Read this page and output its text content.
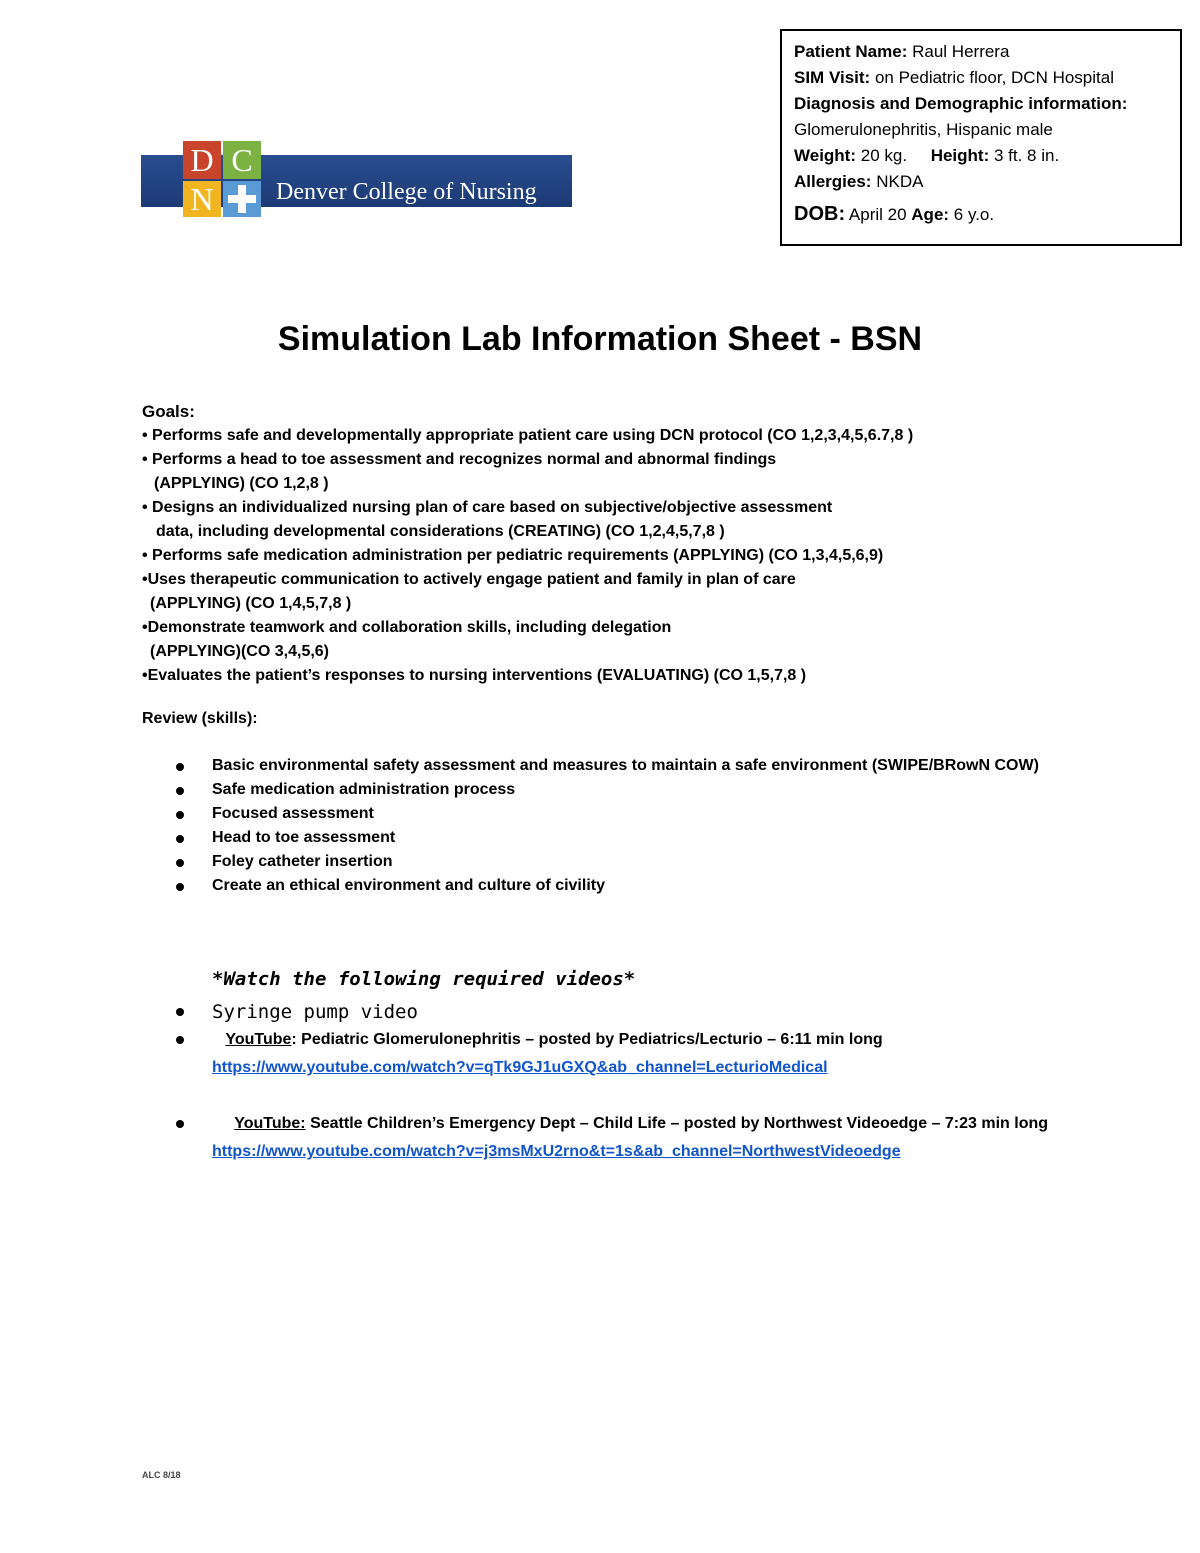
Denver College of Nursing
D C
N
Patient Name: Raul Herrera
SIM Visit: on Pediatric floor, DCN Hospital
Diagnosis and Demographic information:
Glomerulonephritis, Hispanic male
Weight: 20 kg. Height: 3 ft. 8 in.
Allergies: NKDA
DOB: April 20 Age: 6 y.o.
Simulation Lab Information Sheet - BSN
Goals:
• Performs safe and developmentally appropriate patient care using DCN protocol (CO 1,2,3,4,5,6.7,8 )
• Performs a head to toe assessment and recognizes normal and abnormal findings
(APPLYING) (CO 1,2,8 )
• Designs an individualized nursing plan of care based on subjective/objective assessment
data, including developmental considerations (CREATING) (CO 1,2,4,5,7,8 )
• Performs safe medication administration per pediatric requirements (APPLYING) (CO 1,3,4,5,6,9)
•Uses therapeutic communication to actively engage patient and family in plan of care
(APPLYING) (CO 1,4,5,7,8 )
•Demonstrate teamwork and collaboration skills, including delegation
(APPLYING)(CO 3,4,5,6)
•Evaluates the patient’s responses to nursing interventions (EVALUATING) (CO 1,5,7,8 )
Review (skills):
Basic environmental safety assessment and measures to maintain a safe environment (SWIPE/BRowN COW)
Safe medication administration process
Focused assessment
Head to toe assessment
Foley catheter insertion
Create an ethical environment and culture of civility
*Watch the following required videos*
Syringe pump video
YouTube: Pediatric Glomerulonephritis – posted by Pediatrics/Lecturio – 6:11 min long
https://www.youtube.com/watch?v=qTk9GJ1uGXQ&ab_channel=LecturioMedical
YouTube: Seattle Children’s Emergency Dept – Child Life – posted by Northwest Videoedge – 7:23 min long
https://www.youtube.com/watch?v=j3msMxU2rno&t=1s&ab_channel=NorthwestVideoedge
ALC 8/18
